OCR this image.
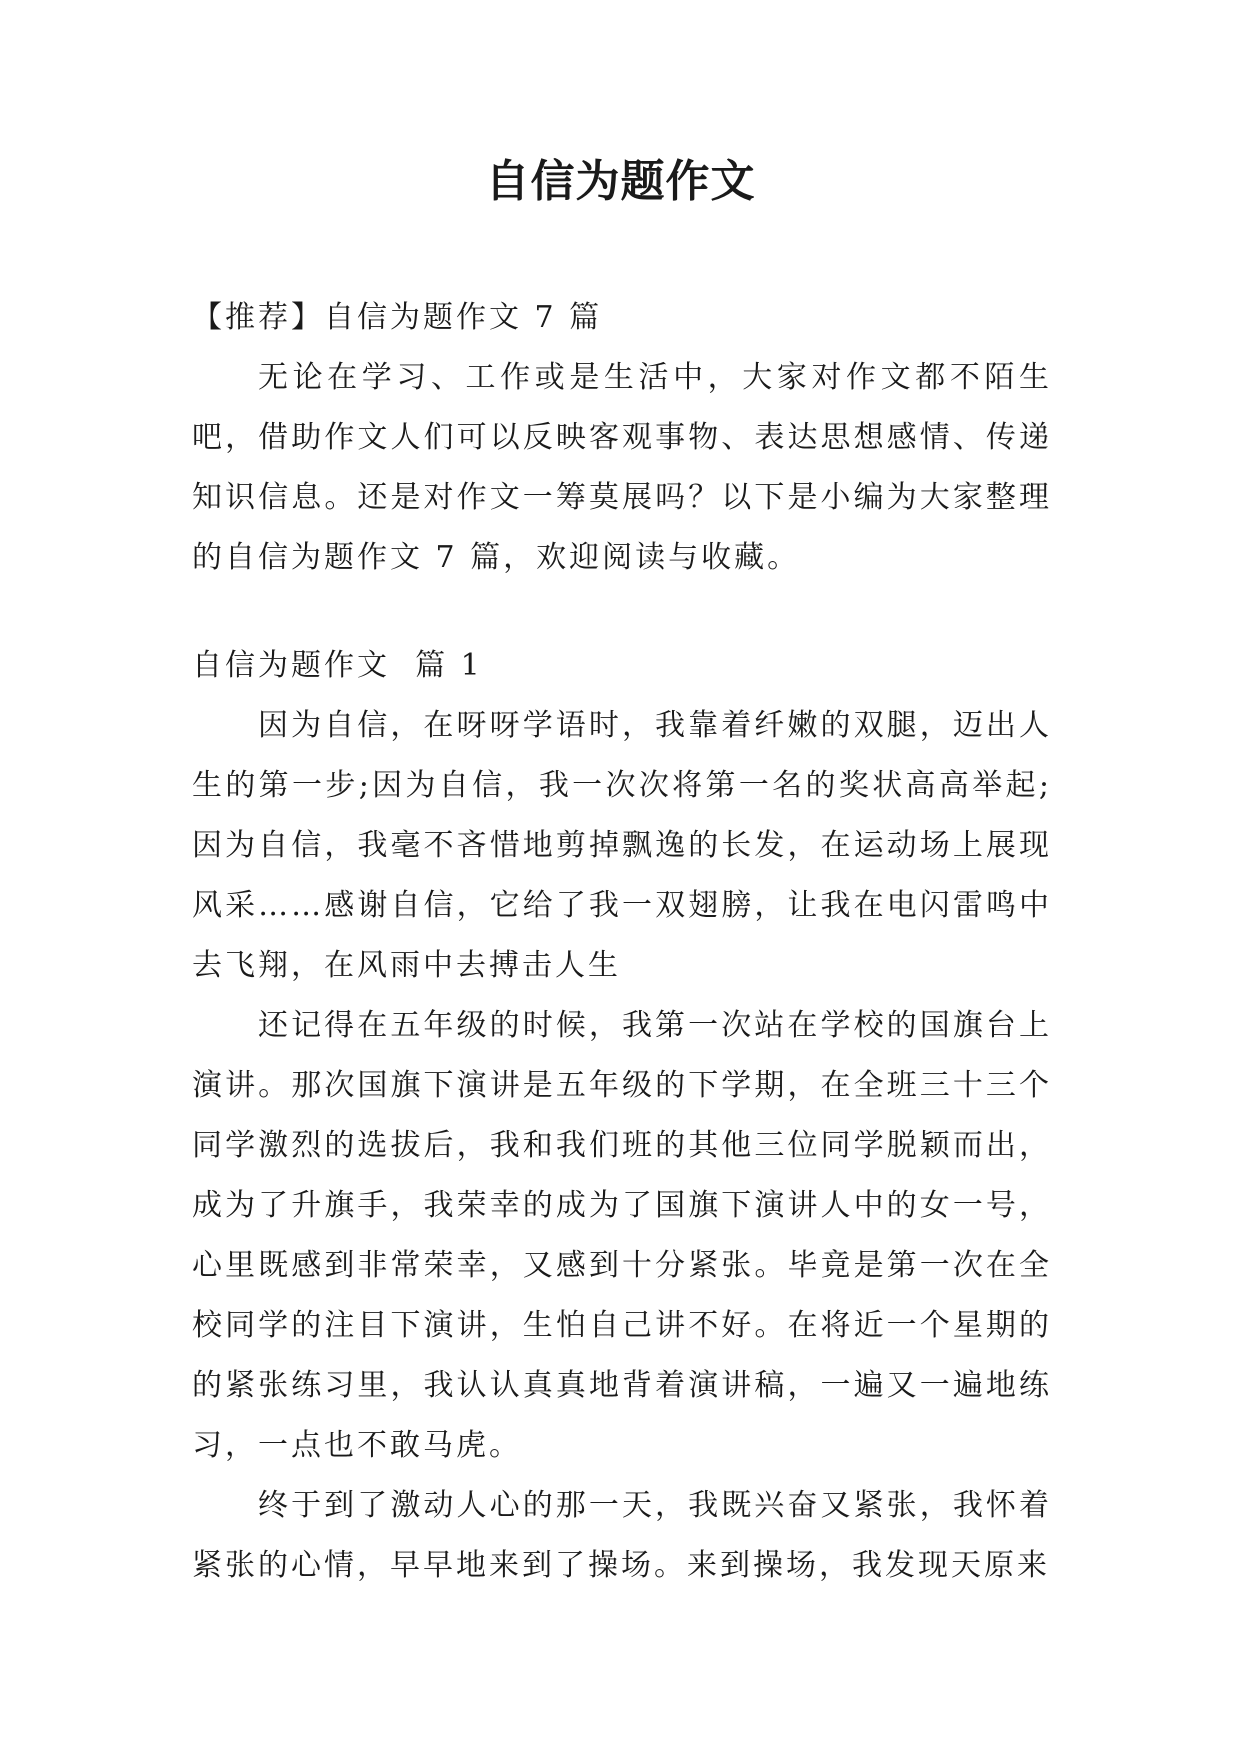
自信为题作文

【推荐】自信为题作文 7 篇

无论在学习、工作或是生活中，大家对作文都不陌生吧，借助作文人们可以反映客观事物、表达思想感情、传递知识信息。还是对作文一筹莫展吗？以下是小编为大家整理的自信为题作文 7 篇，欢迎阅读与收藏。

自信为题作文  篇 1

因为自信，在呀呀学语时，我靠着纤嫩的双腿，迈出人生的第一步;因为自信，我一次次将第一名的奖状高高举起;因为自信，我毫不吝惜地剪掉飘逸的长发，在运动场上展现风采……感谢自信，它给了我一双翅膀，让我在电闪雷鸣中去飞翔，在风雨中去搏击人生

还记得在五年级的时候，我第一次站在学校的国旗台上演讲。那次国旗下演讲是五年级的下学期，在全班三十三个同学激烈的选拔后，我和我们班的其他三位同学脱颖而出，成为了升旗手，我荣幸的成为了国旗下演讲人中的女一号，心里既感到非常荣幸，又感到十分紧张。毕竟是第一次在全校同学的注目下演讲，生怕自己讲不好。在将近一个星期的的紧张练习里，我认认真真地背着演讲稿，一遍又一遍地练习，一点也不敢马虎。

终于到了激动人心的那一天，我既兴奋又紧张，我怀着紧张的心情，早早地来到了操场。来到操场，我发现天原来
